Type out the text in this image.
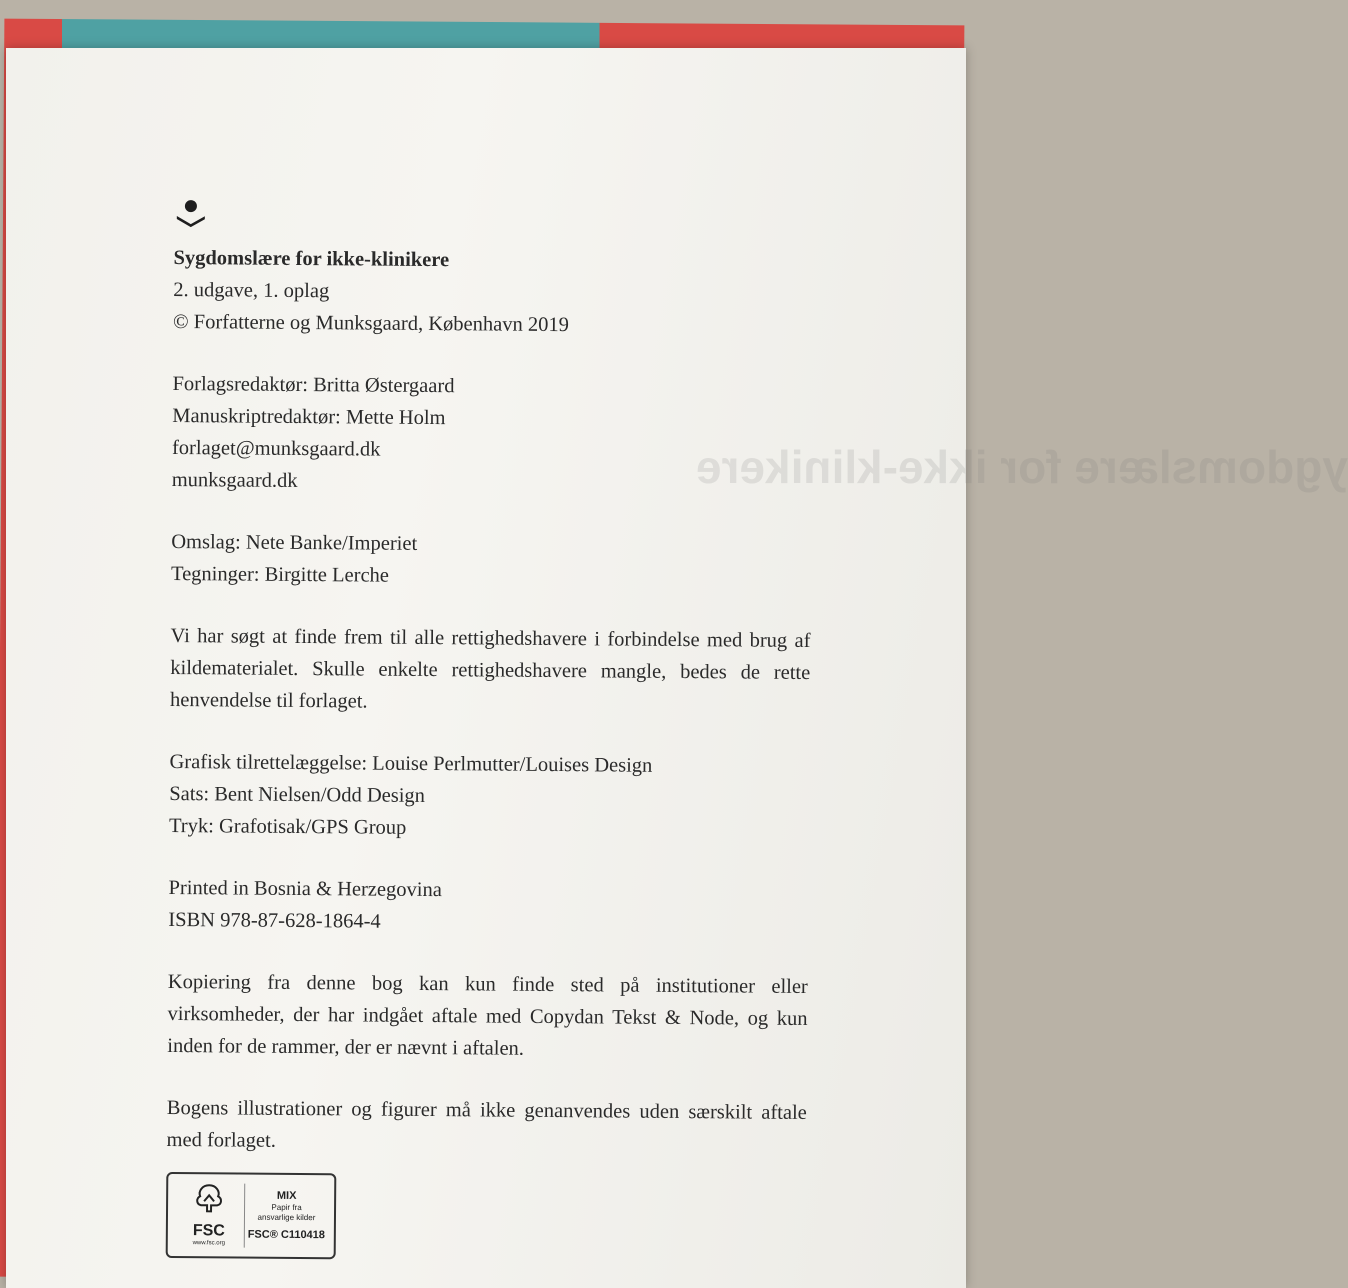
ygdomslære for ikke-klinikere

Sygdomslære for ikke-klinikere

2. udgave, 1. oplag

© Forfatterne og Munksgaard, København 2019

Forlagsredaktør: Britta Østergaard

Manuskriptredaktør: Mette Holm

forlaget@munksgaard.dk

munksgaard.dk

Omslag: Nete Banke/Imperiet

Tegninger: Birgitte Lerche

Vi har søgt at finde frem til alle rettighedshavere i forbindelse med brug af kildematerialet. Skulle enkelte rettighedshavere mangle, bedes de rette henvendelse til forlaget.

Grafisk tilrettelæggelse: Louise Perlmutter/Louises Design

Sats: Bent Nielsen/Odd Design

Tryk: Grafotisak/GPS Group

Printed in Bosnia & Herzegovina

ISBN 978-87-628-1864-4

Kopiering fra denne bog kan kun finde sted på institutioner eller virksomheder, der har indgået aftale med Copydan Tekst & Node, og kun inden for de rammer, der er nævnt i aftalen.

Bogens illustrationer og figurer må ikke genanvendes uden særskilt aftale med forlaget.

FSC
www.fsc.org
MIX
Papir fra
ansvarlige kilder
FSC® C110418
